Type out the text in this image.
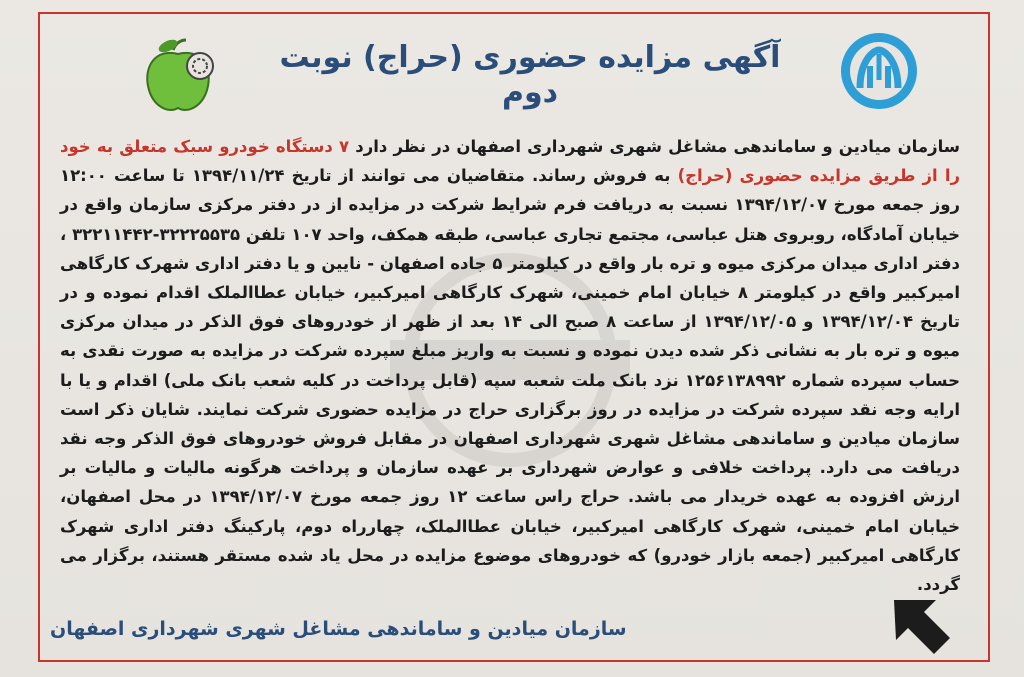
آگهی مزایده حضوری (حراج) نوبت دوم
سازمان میادین و ساماندهی مشاغل شهری شهرداری اصفهان در نظر دارد ۷ دستگاه خودرو سبک متعلق به خود را از طریق مزایده حضوری (حراج) به فروش رساند. متقاضیان می توانند از تاریخ ۱۳۹۴/۱۱/۲۴ تا ساعت ۱۲:۰۰ روز جمعه مورخ ۱۳۹۴/۱۲/۰۷ نسبت به دریافت فرم شرایط شرکت در مزایده از در دفتر مرکزی سازمان واقع در خیابان آمادگاه، روبروی هتل عباسی، مجتمع تجاری عباسی، طبقه همکف، واحد ۱۰۷ تلفن ۳۲۲۲۵۵۳۵-۳۲۲۱۱۴۴۲ ، دفتر اداری میدان مرکزی میوه و تره بار واقع در کیلومتر ۵ جاده اصفهان - نایین و یا دفتر اداری شهرک کارگاهی امیرکبیر واقع در کیلومتر ۸ خیابان امام خمینی، شهرک کارگاهی امیرکبیر، خیابان عطاالملک اقدام نموده و در تاریخ ۱۳۹۴/۱۲/۰۴ و ۱۳۹۴/۱۲/۰۵ از ساعت ۸ صبح الی ۱۴ بعد از ظهر از خودروهای فوق الذکر در میدان مرکزی میوه و تره بار به نشانی ذکر شده دیدن نموده و نسبت به واریز مبلغ سپرده شرکت در مزایده به صورت نقدی به حساب سپرده شماره ۱۲۵۶۱۳۸۹۹۲ نزد بانک ملت شعبه سپه (قابل پرداخت در کلیه شعب بانک ملی) اقدام و یا با ارایه وجه نقد سپرده شرکت در مزایده در روز برگزاری حراج در مزایده حضوری شرکت نمایند. شایان ذکر است سازمان میادین و ساماندهی مشاغل شهری شهرداری اصفهان در مقابل فروش خودروهای فوق الذکر وجه نقد دریافت می دارد. پرداخت خلافی و عوارض شهرداری بر عهده سازمان و پرداخت هرگونه مالیات و مالیات بر ارزش افزوده به عهده خریدار می باشد. حراج راس ساعت ۱۲ روز جمعه مورخ ۱۳۹۴/۱۲/۰۷ در محل اصفهان، خیابان امام خمینی، شهرک کارگاهی امیرکبیر، خیابان عطاالملک، چهارراه دوم، پارکینگ دفتر اداری شهرک کارگاهی امیرکبیر (جمعه بازار خودرو) که خودروهای موضوع مزایده در محل یاد شده مستقر هستند، برگزار می گردد.
سازمان میادین و ساماندهی مشاغل شهری شهرداری اصفهان
